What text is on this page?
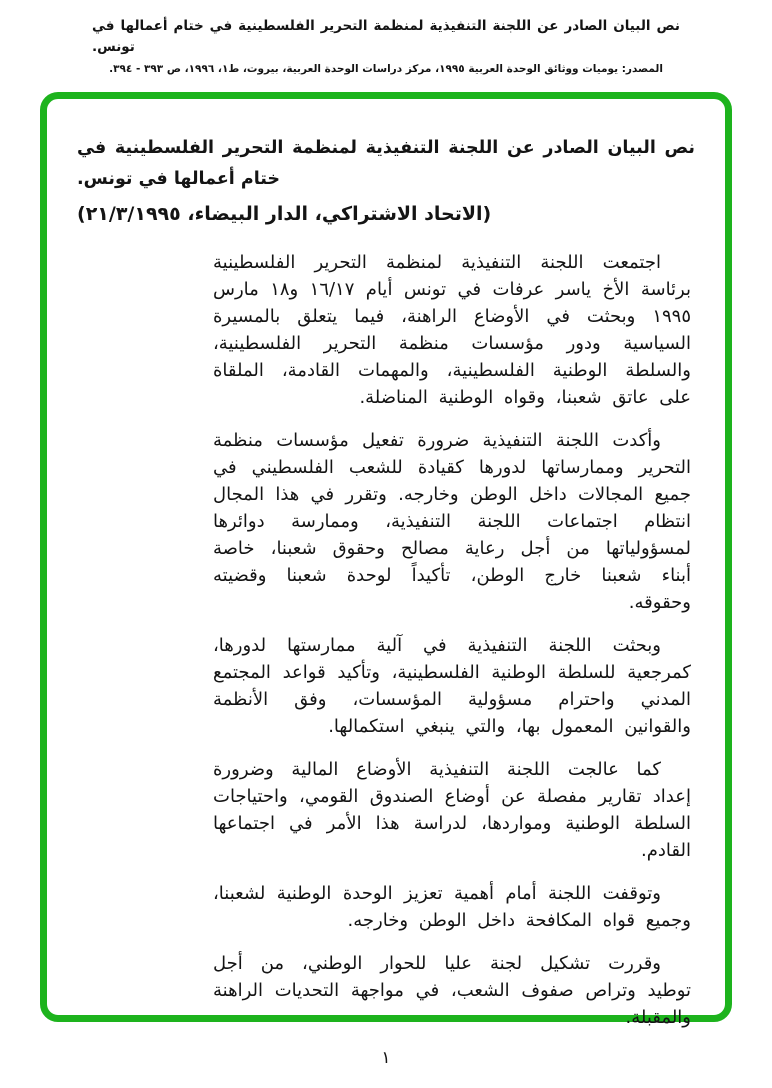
نص البيان الصادر عن اللجنة التنفيذية لمنظمة التحرير الفلسطينية في ختام أعمالها في تونس.
المصدر: يوميات ووثائق الوحدة العربية ١٩٩٥، مركز دراسات الوحدة العربية، بيروت، ط١، ١٩٩٦، ص ٣٩٣ - ٣٩٤.
نص البيان الصادر عن اللجنة التنفيذية لمنظمة التحرير الفلسطينية في
ختام أعمالها في تونس.
(الاتحاد الاشتراكي، الدار البيضاء، ٢١/٣/١٩٩٥)

اجتمعت اللجنة التنفيذية لمنظمة التحرير الفلسطينية برئاسة الأخ ياسر عرفات في تونس أيام ١٦/١٧ و١٨ مارس ١٩٩٥ وبحثت في الأوضاع الراهنة، فيما يتعلق بالمسيرة السياسية ودور مؤسسات منظمة التحرير الفلسطينية، والسلطة الوطنية الفلسطينية، والمهمات القادمة، الملقاة على عاتق شعبنا، وقواه الوطنية المناضلة.

وأكدت اللجنة التنفيذية ضرورة تفعيل مؤسسات منظمة التحرير وممارساتها لدورها كقيادة للشعب الفلسطيني في جميع المجالات داخل الوطن وخارجه. وتقرر في هذا المجال انتظام اجتماعات اللجنة التنفيذية، وممارسة دوائرها لمسؤولياتها من أجل رعاية مصالح وحقوق شعبنا، خاصة أبناء شعبنا خارج الوطن، تأكيداً لوحدة شعبنا وقضيته وحقوقه.

وبحثت اللجنة التنفيذية في آلية ممارستها لدورها، كمرجعية للسلطة الوطنية الفلسطينية، وتأكيد قواعد المجتمع المدني واحترام مسؤولية المؤسسات، وفق الأنظمة والقوانين المعمول بها، والتي ينبغي استكمالها.

كما عالجت اللجنة التنفيذية الأوضاع المالية وضرورة إعداد تقارير مفصلة عن أوضاع الصندوق القومي، واحتياجات السلطة الوطنية ومواردها، لدراسة هذا الأمر في اجتماعها القادم.

وتوقفت اللجنة أمام أهمية تعزيز الوحدة الوطنية لشعبنا، وجميع قواه المكافحة داخل الوطن وخارجه.

وقررت تشكيل لجنة عليا للحوار الوطني، من أجل توطيد وتراص صفوف الشعب، في مواجهة التحديات الراهنة والمقبلة.

١
